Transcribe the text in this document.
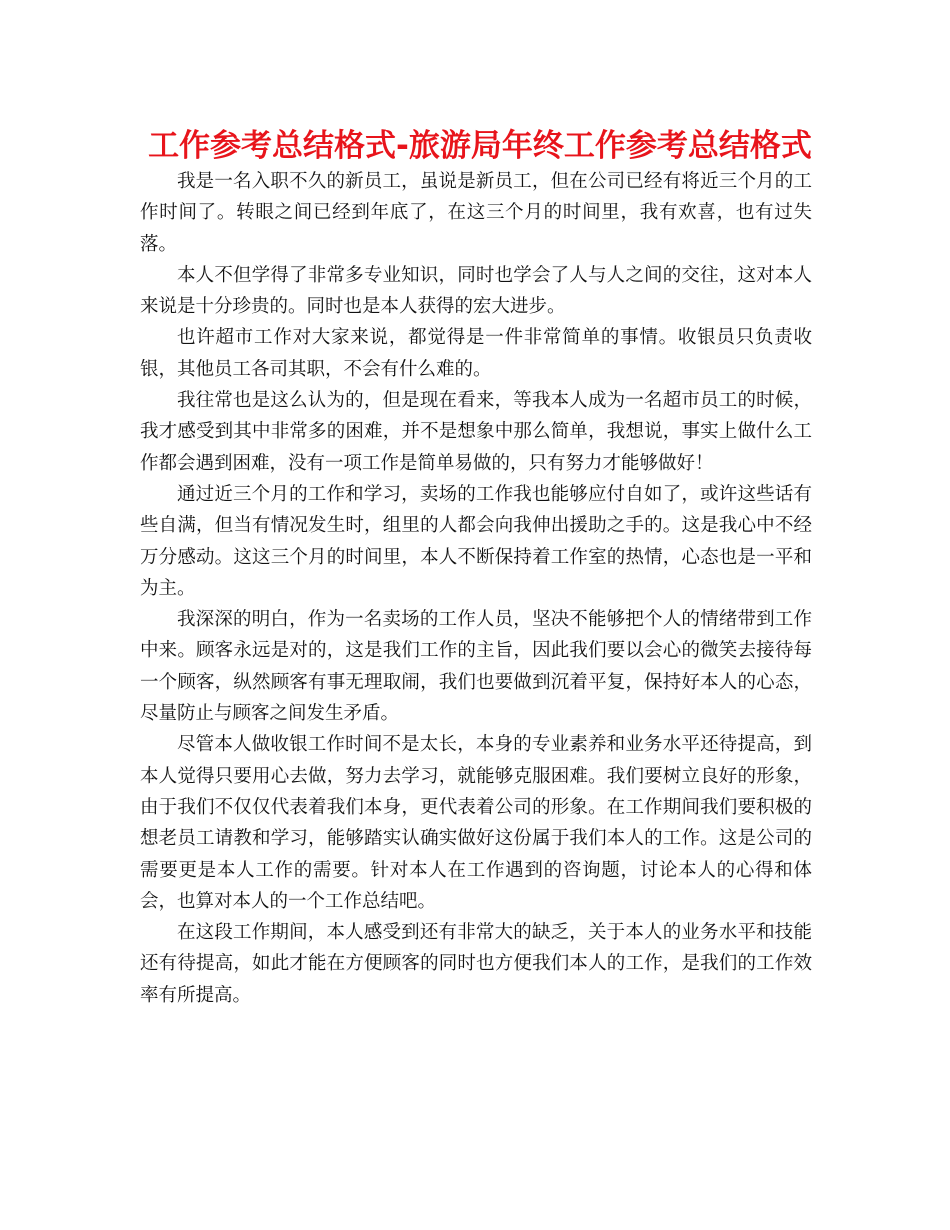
工作参考总结格式-旅游局年终工作参考总结格式

我是一名入职不久的新员工，虽说是新员工，但在公司已经有将近三个月的工作时间了。转眼之间已经到年底了，在这三个月的时间里，我有欢喜，也有过失落。

本人不但学得了非常多专业知识，同时也学会了人与人之间的交往，这对本人来说是十分珍贵的。同时也是本人获得的宏大进步。

也许超市工作对大家来说，都觉得是一件非常简单的事情。收银员只负责收银，其他员工各司其职，不会有什么难的。

我往常也是这么认为的，但是现在看来，等我本人成为一名超市员工的时候，我才感受到其中非常多的困难，并不是想象中那么简单，我想说，事实上做什么工作都会遇到困难，没有一项工作是简单易做的，只有努力才能够做好！

通过近三个月的工作和学习，卖场的工作我也能够应付自如了，或许这些话有些自满，但当有情况发生时，组里的人都会向我伸出援助之手的。这是我心中不经万分感动。这这三个月的时间里，本人不断保持着工作室的热情，心态也是一平和为主。

我深深的明白，作为一名卖场的工作人员，坚决不能够把个人的情绪带到工作中来。顾客永远是对的，这是我们工作的主旨，因此我们要以会心的微笑去接待每一个顾客，纵然顾客有事无理取闹，我们也要做到沉着平复，保持好本人的心态，尽量防止与顾客之间发生矛盾。

尽管本人做收银工作时间不是太长，本身的专业素养和业务水平还待提高，到本人觉得只要用心去做，努力去学习，就能够克服困难。我们要树立良好的形象，由于我们不仅仅代表着我们本身，更代表着公司的形象。在工作期间我们要积极的想老员工请教和学习，能够踏实认确实做好这份属于我们本人的工作。这是公司的需要更是本人工作的需要。针对本人在工作遇到的咨询题，讨论本人的心得和体会，也算对本人的一个工作总结吧。

在这段工作期间，本人感受到还有非常大的缺乏，关于本人的业务水平和技能还有待提高，如此才能在方便顾客的同时也方便我们本人的工作，是我们的工作效率有所提高。
